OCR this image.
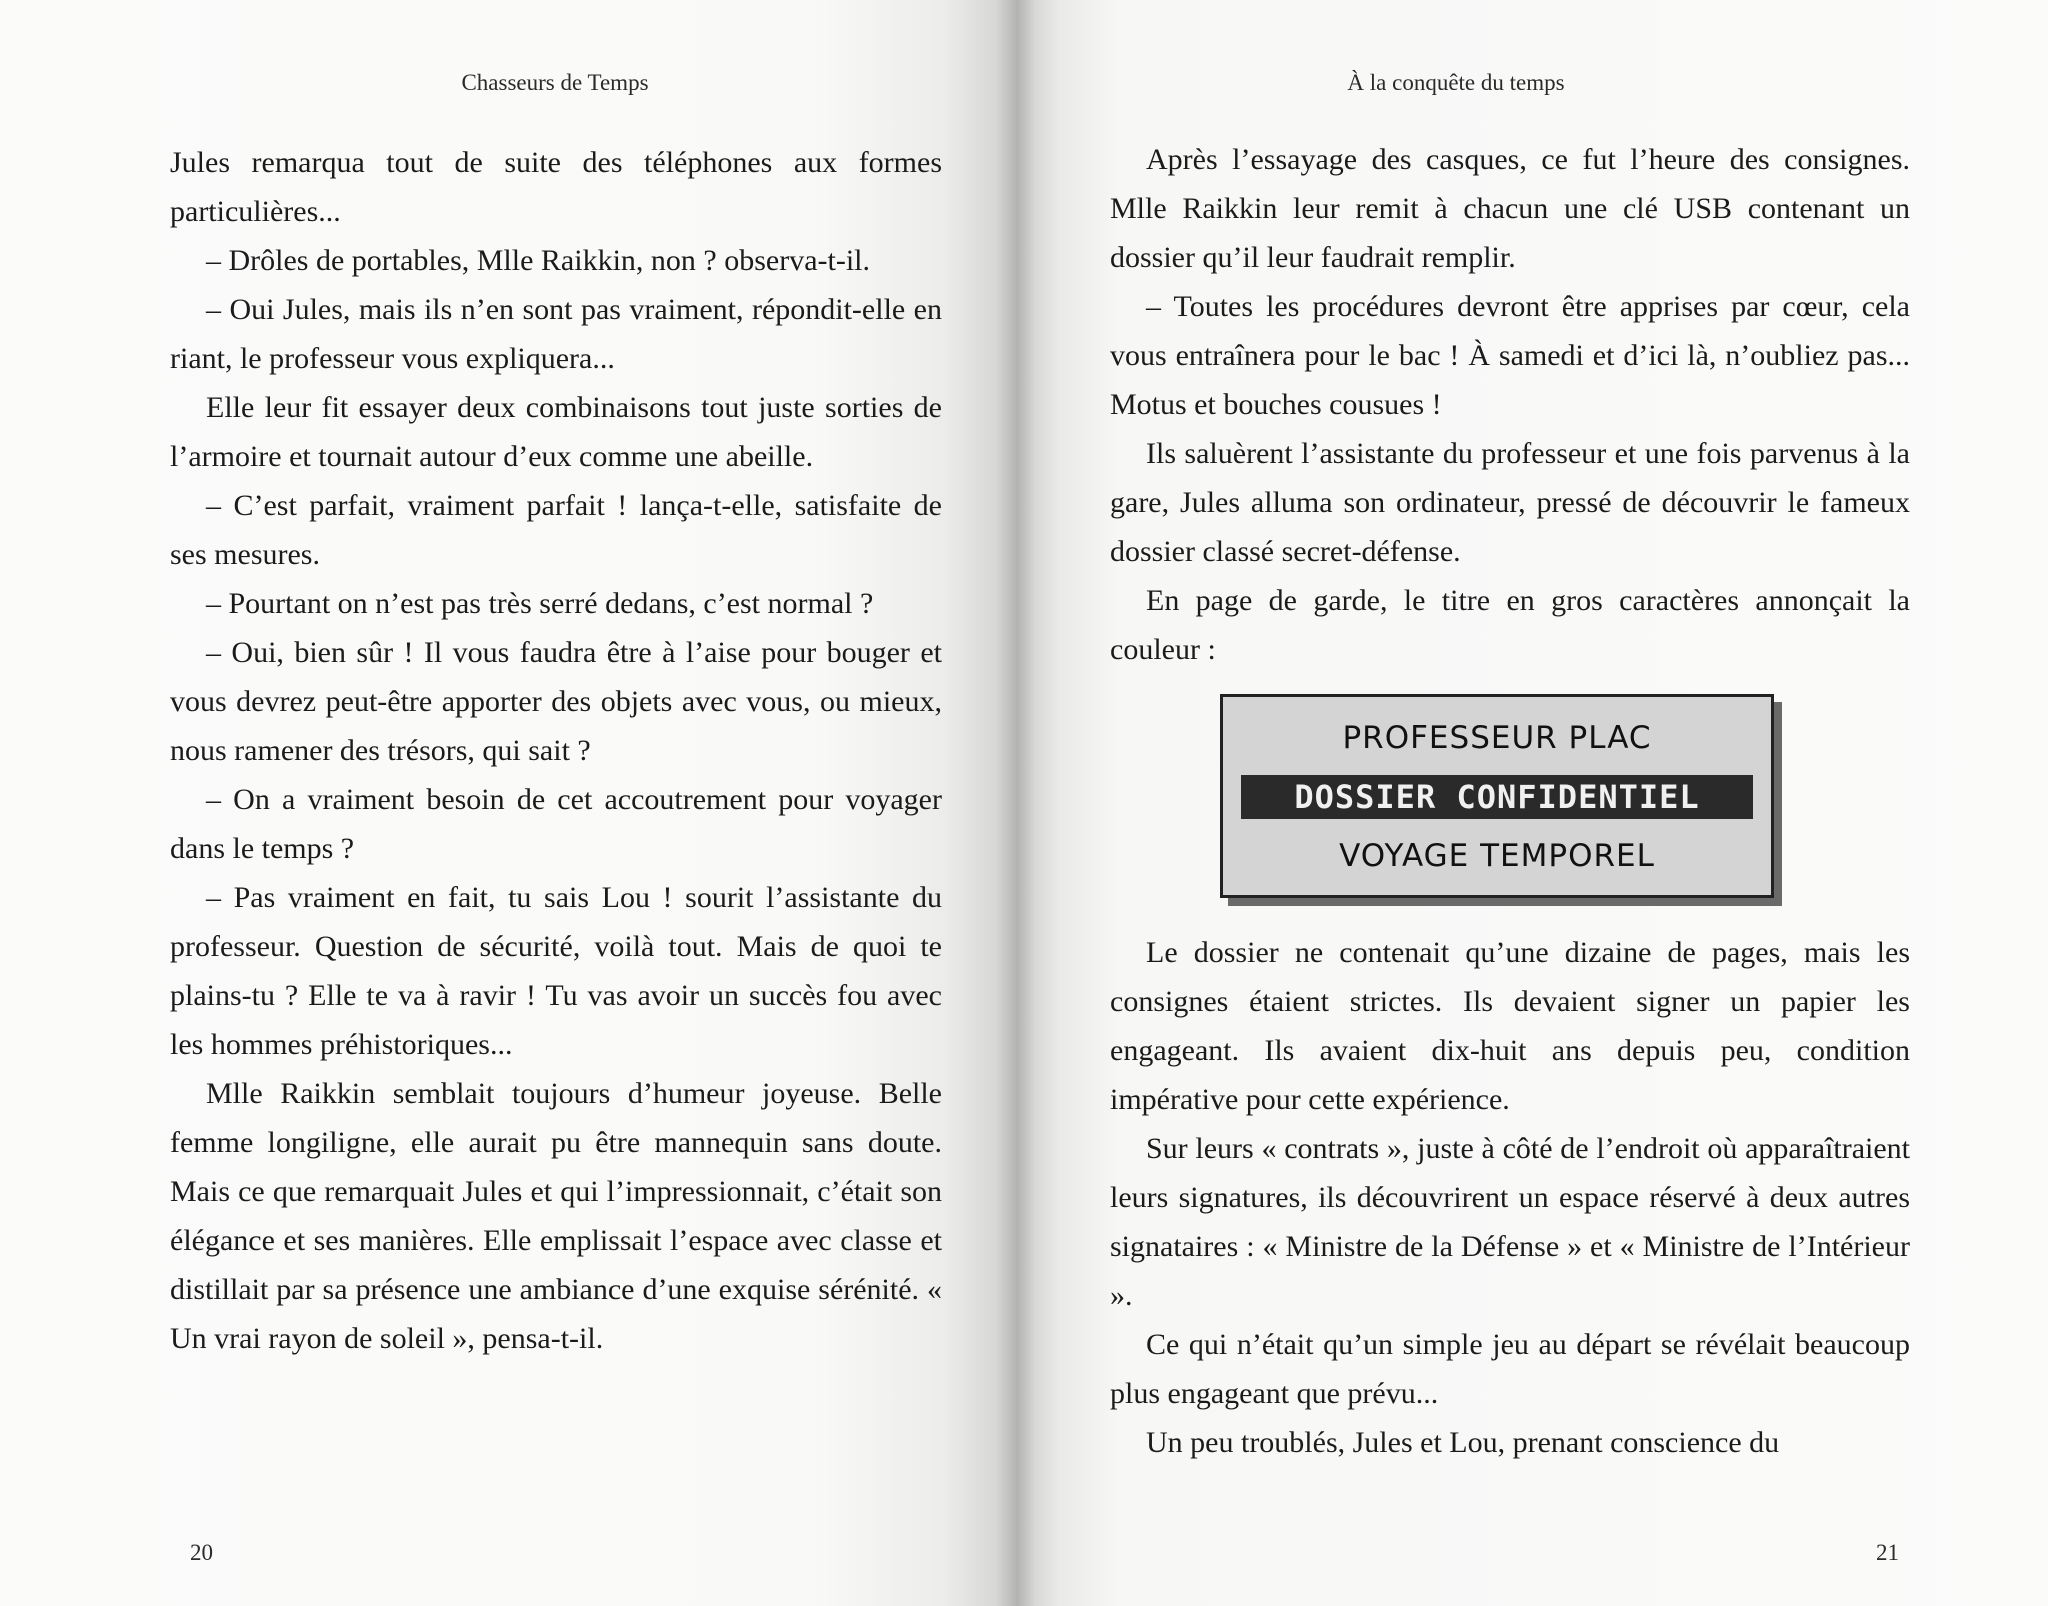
Chasseurs de Temps

Jules remarqua tout de suite des téléphones aux formes particulières...

– Drôles de portables, Mlle Raikkin, non ? observa-t-il.

– Oui Jules, mais ils n’en sont pas vraiment, répondit-elle en riant, le professeur vous expliquera...

Elle leur fit essayer deux combinaisons tout juste sorties de l’armoire et tournait autour d’eux comme une abeille.

– C’est parfait, vraiment parfait ! lança-t-elle, satisfaite de ses mesures.

– Pourtant on n’est pas très serré dedans, c’est normal ?

– Oui, bien sûr ! Il vous faudra être à l’aise pour bouger et vous devrez peut-être apporter des objets avec vous, ou mieux, nous ramener des trésors, qui sait ?

– On a vraiment besoin de cet accoutrement pour voyager dans le temps ?

– Pas vraiment en fait, tu sais Lou ! sourit l’assistante du professeur. Question de sécurité, voilà tout. Mais de quoi te plains-tu ? Elle te va à ravir ! Tu vas avoir un succès fou avec les hommes préhistoriques...

Mlle Raikkin semblait toujours d’humeur joyeuse. Belle femme longiligne, elle aurait pu être mannequin sans doute. Mais ce que remarquait Jules et qui l’impressionnait, c’était son élégance et ses manières. Elle emplissait l’espace avec classe et distillait par sa présence une ambiance d’une exquise sérénité. « Un vrai rayon de soleil », pensa-t-il.

20
À la conquête du temps

Après l’essayage des casques, ce fut l’heure des consignes. Mlle Raikkin leur remit à chacun une clé USB contenant un dossier qu’il leur faudrait remplir.

– Toutes les procédures devront être apprises par cœur, cela vous entraînera pour le bac ! À samedi et d’ici là, n’oubliez pas... Motus et bouches cousues !

Ils saluèrent l’assistante du professeur et une fois parvenus à la gare, Jules alluma son ordinateur, pressé de découvrir le fameux dossier classé secret-défense.

En page de garde, le titre en gros caractères annonçait la couleur :

PROFESSEUR PLAC
DOSSIER CONFIDENTIEL
VOYAGE TEMPOREL

Le dossier ne contenait qu’une dizaine de pages, mais les consignes étaient strictes. Ils devaient signer un papier les engageant. Ils avaient dix-huit ans depuis peu, condition impérative pour cette expérience.

Sur leurs « contrats », juste à côté de l’endroit où apparaîtraient leurs signatures, ils découvrirent un espace réservé à deux autres signataires : « Ministre de la Défense » et « Ministre de l’Intérieur ».

Ce qui n’était qu’un simple jeu au départ se révélait beaucoup plus engageant que prévu...

Un peu troublés, Jules et Lou, prenant conscience du

21
